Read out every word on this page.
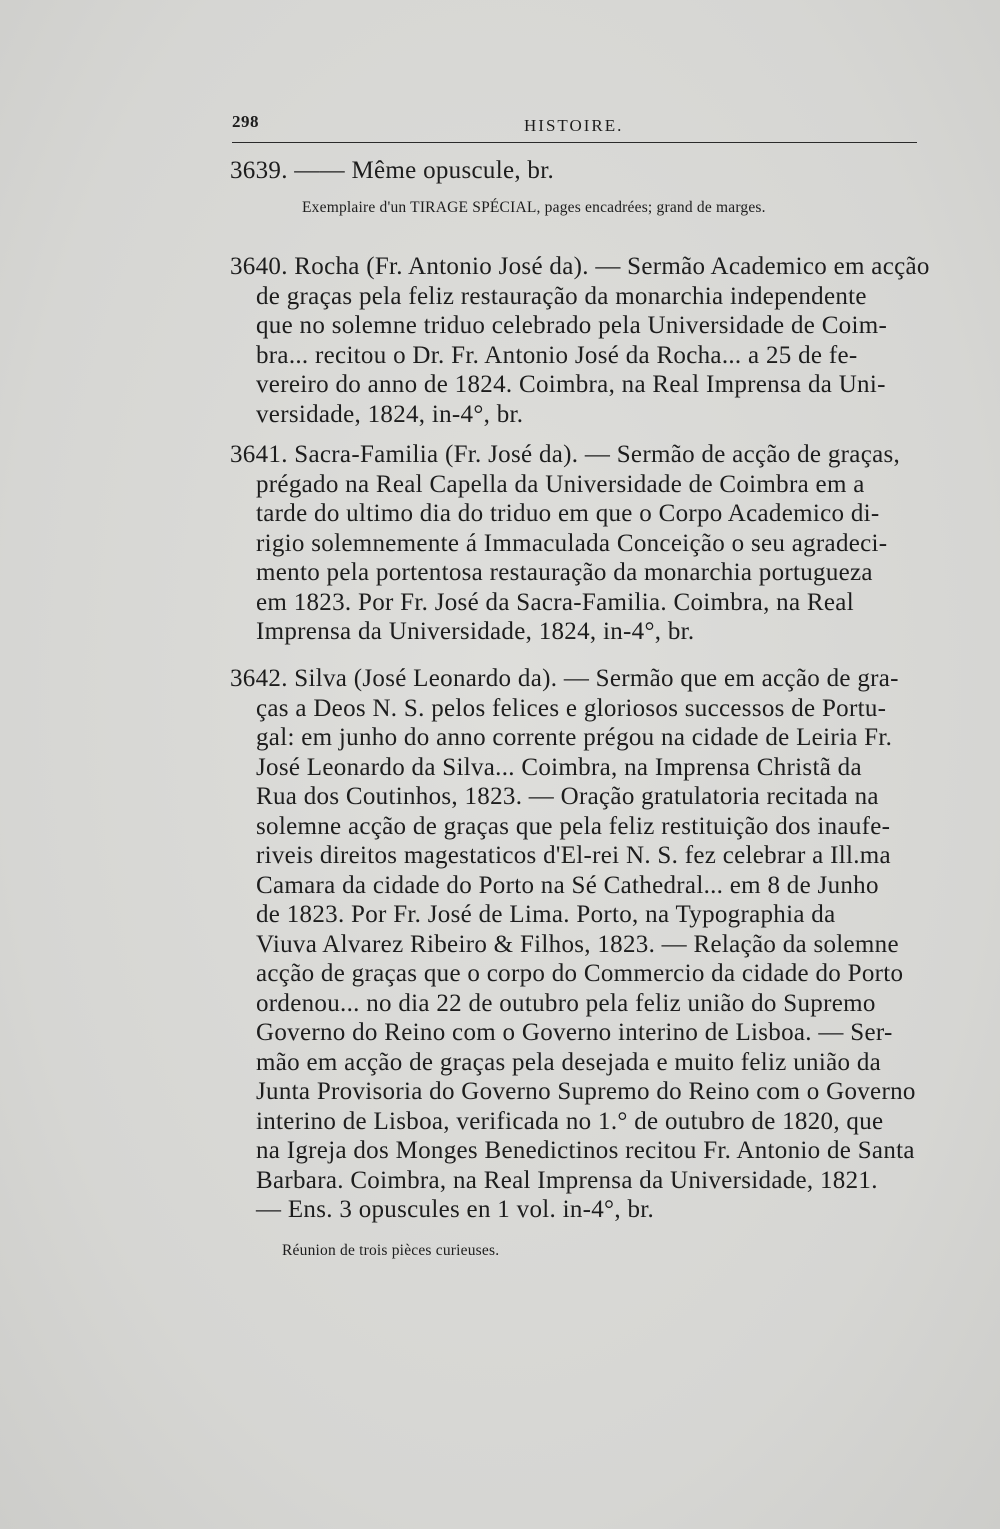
298	HISTOIRE.
3639. —— Même opuscule, br.
Exemplaire d'un TIRAGE SPÉCIAL, pages encadrées; grand de marges.
3640. Rocha (Fr. Antonio José da). — Sermão Academico em acção
de graças pela feliz restauração da monarchia independente
que no solemne triduo celebrado pela Universidade de Coim-
bra... recitou o Dr. Fr. Antonio José da Rocha... a 25 de fe-
vereiro do anno de 1824. Coimbra, na Real Imprensa da Uni-
versidade, 1824, in-4°, br.
3641. Sacra-Familia (Fr. José da). — Sermão de acção de graças,
prégado na Real Capella da Universidade de Coimbra em a
tarde do ultimo dia do triduo em que o Corpo Academico di-
rigio solemnemente á Immaculada Conceição o seu agradeci-
mento pela portentosa restauração da monarchia portugueza
em 1823. Por Fr. José da Sacra-Familia. Coimbra, na Real
Imprensa da Universidade, 1824, in-4°, br.
3642. Silva (José Leonardo da). — Sermão que em acção de gra-
ças a Deos N. S. pelos felices e gloriosos successos de Portu-
gal: em junho do anno corrente prégou na cidade de Leiria Fr.
José Leonardo da Silva... Coimbra, na Imprensa Christã da
Rua dos Coutinhos, 1823. — Oração gratulatoria recitada na
solemne acção de graças que pela feliz restituição dos inaufe-
riveis direitos magestaticos d'El-rei N. S. fez celebrar a Ill.ma
Camara da cidade do Porto na Sé Cathedral... em 8 de Junho
de 1823. Por Fr. José de Lima. Porto, na Typographia da
Viuva Alvarez Ribeiro & Filhos, 1823. — Relação da solemne
acção de graças que o corpo do Commercio da cidade do Porto
ordenou... no dia 22 de outubro pela feliz união do Supremo
Governo do Reino com o Governo interino de Lisboa. — Ser-
mão em acção de graças pela desejada e muito feliz união da
Junta Provisoria do Governo Supremo do Reino com o Governo
interino de Lisboa, verificada no 1.° de outubro de 1820, que
na Igreja dos Monges Benedictinos recitou Fr. Antonio de Santa
Barbara. Coimbra, na Real Imprensa da Universidade, 1821.
— Ens. 3 opuscules en 1 vol. in-4°, br.
Réunion de trois pièces curieuses.
